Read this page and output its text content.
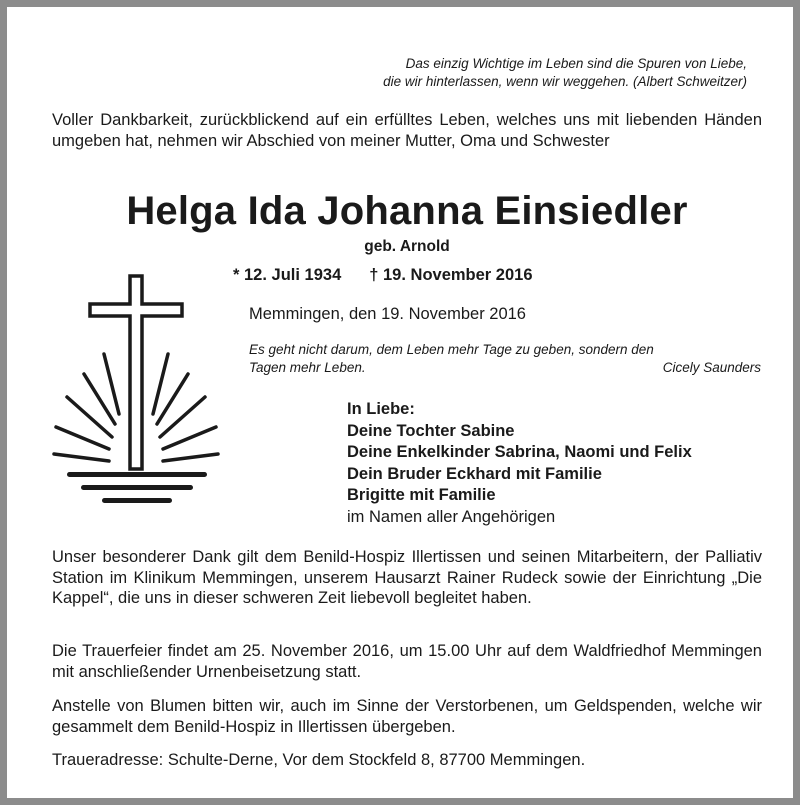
Das einzig Wichtige im Leben sind die Spuren von Liebe,
die wir hinterlassen, wenn wir weggehen. (Albert Schweitzer)

Voller Dankbarkeit, zurückblickend auf ein erfülltes Leben, welches uns mit liebenden Händen umgeben hat, nehmen wir Abschied von meiner Mutter, Oma und Schwester

Helga Ida Johanna Einsiedler
geb. Arnold
* 12. Juli 1934 † 19. November 2016
Memmingen, den 19. November 2016
Es geht nicht darum, dem Leben mehr Tage zu geben, sondern den
Tagen mehr Leben.	Cicely Saunders
In Liebe:
Deine Tochter Sabine
Deine Enkelkinder Sabrina, Naomi und Felix
Dein Bruder Eckhard mit Familie
Brigitte mit Familie
im Namen aller Angehörigen

Unser besonderer Dank gilt dem Benild-Hospiz Illertissen und seinen Mitarbeitern, der Palliativ Station im Klinikum Memmingen, unserem Hausarzt Rainer Rudeck sowie der Einrichtung „Die Kappel“, die uns in dieser schweren Zeit liebevoll begleitet haben.

Die Trauerfeier findet am 25. November 2016, um 15.00 Uhr auf dem Waldfriedhof Memmingen mit anschließender Urnenbeisetzung statt.

Anstelle von Blumen bitten wir, auch im Sinne der Verstorbenen, um Geldspenden, welche wir gesammelt dem Benild-Hospiz in Illertissen übergeben.

Traueradresse: Schulte-Derne, Vor dem Stockfeld 8, 87700 Memmingen.
